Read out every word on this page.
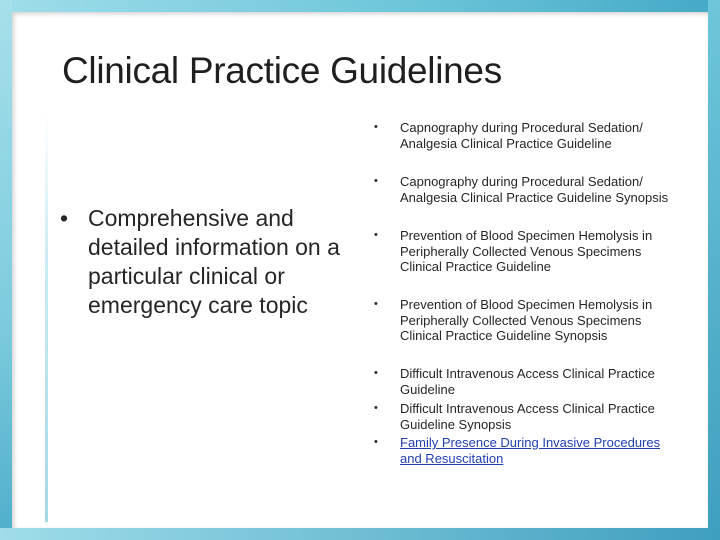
Clinical Practice Guidelines
• Comprehensive and detailed information on a particular clinical or emergency care topic
• Capnography during Procedural Sedation/
Analgesia Clinical Practice Guideline
• Capnography during Procedural Sedation/
Analgesia Clinical Practice Guideline Synopsis
• Prevention of Blood Specimen Hemolysis in
Peripherally Collected Venous Specimens
Clinical Practice Guideline
• Prevention of Blood Specimen Hemolysis in
Peripherally Collected Venous Specimens
Clinical Practice Guideline Synopsis
• Difficult Intravenous Access Clinical Practice
Guideline
• Difficult Intravenous Access Clinical Practice
Guideline Synopsis
• Family Presence During Invasive Procedures
and Resuscitation
